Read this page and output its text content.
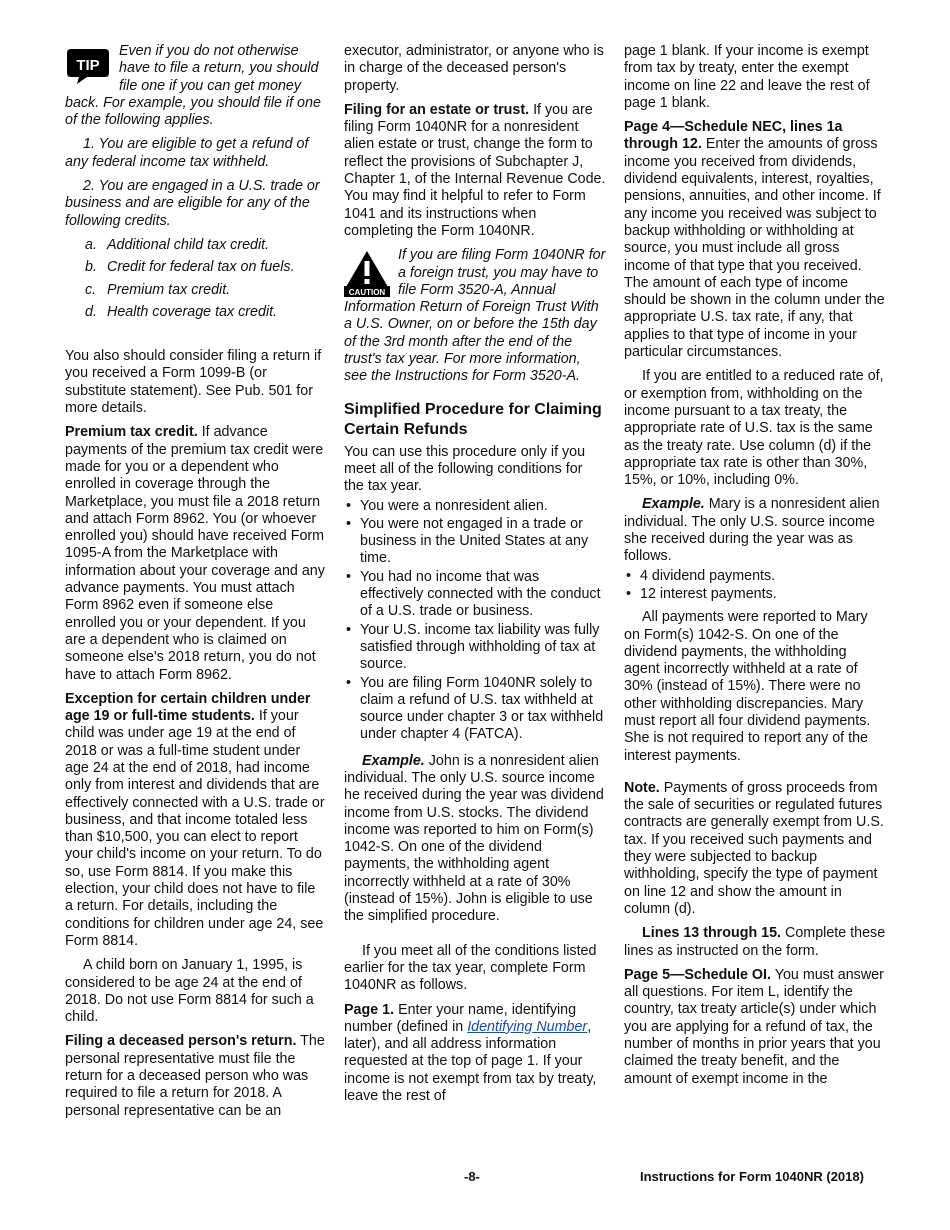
TIP

Even if you do not otherwise have to file a return, you should file one if you can get money back. For example, you should file if one of the following applies.

1. You are eligible to get a refund of any federal income tax withheld.

2. You are engaged in a U.S. trade or business and are eligible for any of the following credits.

a. Additional child tax credit.
b. Credit for federal tax on fuels.
c. Premium tax credit.
d. Health coverage tax credit.

You also should consider filing a return if you received a Form 1099-B (or substitute statement). See Pub. 501 for more details.

Premium tax credit. If advance payments of the premium tax credit were made for you or a dependent who enrolled in coverage through the Marketplace, you must file a 2018 return and attach Form 8962. You (or whoever enrolled you) should have received Form 1095-A from the Marketplace with information about your coverage and any advance payments. You must attach Form 8962 even if someone else enrolled you or your dependent. If you are a dependent who is claimed on someone else's 2018 return, you do not have to attach Form 8962.

Exception for certain children under age 19 or full-time students. If your child was under age 19 at the end of 2018 or was a full-time student under age 24 at the end of 2018, had income only from interest and dividends that are effectively connected with a U.S. trade or business, and that income totaled less than $10,500, you can elect to report your child's income on your return. To do so, use Form 8814. If you make this election, your child does not have to file a return. For details, including the conditions for children under age 24, see Form 8814.

A child born on January 1, 1995, is considered to be age 24 at the end of 2018. Do not use Form 8814 for such a child.

Filing a deceased person's return. The personal representative must file the return for a deceased person who was required to file a return for 2018. A personal representative can be an

executor, administrator, or anyone who is in charge of the deceased person's property.

Filing for an estate or trust. If you are filing Form 1040NR for a nonresident alien estate or trust, change the form to reflect the provisions of Subchapter J, Chapter 1, of the Internal Revenue Code. You may find it helpful to refer to Form 1041 and its instructions when completing the Form 1040NR.

CAUTION

If you are filing Form 1040NR for a foreign trust, you may have to file Form 3520-A, Annual Information Return of Foreign Trust With a U.S. Owner, on or before the 15th day of the 3rd month after the end of the trust's tax year. For more information, see the Instructions for Form 3520-A.

Simplified Procedure for Claiming Certain Refunds

You can use this procedure only if you meet all of the following conditions for the tax year.

• You were a nonresident alien.
• You were not engaged in a trade or business in the United States at any time.
• You had no income that was effectively connected with the conduct of a U.S. trade or business.
• Your U.S. income tax liability was fully satisfied through withholding of tax at source.
• You are filing Form 1040NR solely to claim a refund of U.S. tax withheld at source under chapter 3 or tax withheld under chapter 4 (FATCA).

Example. John is a nonresident alien individual. The only U.S. source income he received during the year was dividend income from U.S. stocks. The dividend income was reported to him on Form(s) 1042-S. On one of the dividend payments, the withholding agent incorrectly withheld at a rate of 30% (instead of 15%). John is eligible to use the simplified procedure.

If you meet all of the conditions listed earlier for the tax year, complete Form 1040NR as follows.

Page 1. Enter your name, identifying number (defined in Identifying Number, later), and all address information requested at the top of page 1. If your income is not exempt from tax by treaty, leave the rest of

page 1 blank. If your income is exempt from tax by treaty, enter the exempt income on line 22 and leave the rest of page 1 blank.

Page 4—Schedule NEC, lines 1a through 12. Enter the amounts of gross income you received from dividends, dividend equivalents, interest, royalties, pensions, annuities, and other income. If any income you received was subject to backup withholding or withholding at source, you must include all gross income of that type that you received. The amount of each type of income should be shown in the column under the appropriate U.S. tax rate, if any, that applies to that type of income in your particular circumstances.

If you are entitled to a reduced rate of, or exemption from, withholding on the income pursuant to a tax treaty, the appropriate rate of U.S. tax is the same as the treaty rate. Use column (d) if the appropriate tax rate is other than 30%, 15%, or 10%, including 0%.

Example. Mary is a nonresident alien individual. The only U.S. source income she received during the year was as follows.

• 4 dividend payments.
• 12 interest payments.

All payments were reported to Mary on Form(s) 1042-S. On one of the dividend payments, the withholding agent incorrectly withheld at a rate of 30% (instead of 15%). There were no other withholding discrepancies. Mary must report all four dividend payments. She is not required to report any of the interest payments.

Note. Payments of gross proceeds from the sale of securities or regulated futures contracts are generally exempt from U.S. tax. If you received such payments and they were subjected to backup withholding, specify the type of payment on line 12 and show the amount in column (d).

Lines 13 through 15. Complete these lines as instructed on the form.

Page 5—Schedule OI. You must answer all questions. For item L, identify the country, tax treaty article(s) under which you are applying for a refund of tax, the number of months in prior years that you claimed the treaty benefit, and the amount of exempt income in the

-8-	Instructions for Form 1040NR (2018)
